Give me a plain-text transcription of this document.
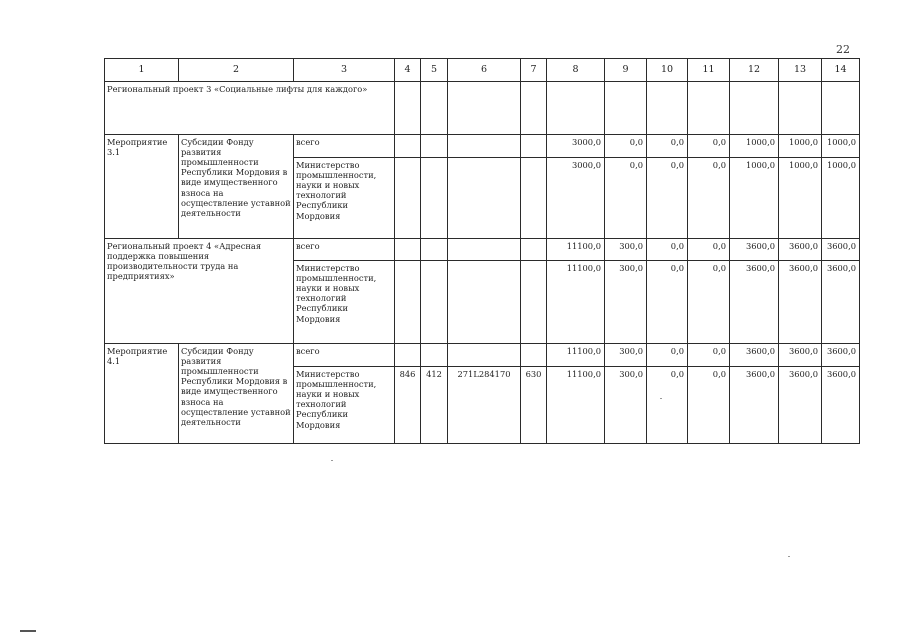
22
1	2	3	4	5	6	7	8	9	10	11	12	13	14
Региональный проект 3 «Социальные лифты для каждого»													
Мероприятие 3.1	Субсидии Фонду развития промышленности Республики Мордовия в виде имущественного взноса на осуществление уставной деятельности	всего					3000,0	0,0	0,0	0,0	1000,0	1000,0	1000,0
		Министерство промышленности, науки и новых технологий Республики Мордовия					3000,0	0,0	0,0	0,0	1000,0	1000,0	1000,0
Региональный проект 4 «Адресная поддержка повышения производительности труда на предприятиях»		всего					11100,0	300,0	0,0	0,0	3600,0	3600,0	3600,0
		Министерство промышленности, науки и новых технологий Республики Мордовия					11100,0	300,0	0,0	0,0	3600,0	3600,0	3600,0
Мероприятие 4.1	Субсидии Фонду развития промышленности Республики Мордовия в виде имущественного взноса на осуществление уставной деятельности	всего					11100,0	300,0	0,0	0,0	3600,0	3600,0	3600,0
		Министерство промышленности, науки и новых технологий Республики Мордовия	846	412	271L284170	630	11100,0	300,0	0,0	0,0	3600,0	3600,0	3600,0
